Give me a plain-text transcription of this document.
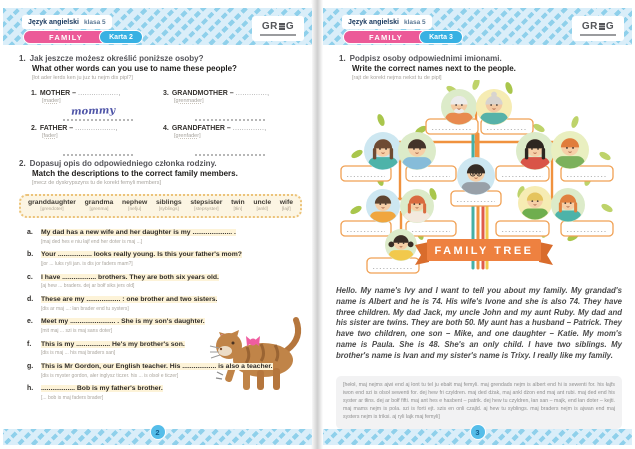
Język angielski klasa 5
FAMILY	Karta 2
GR G
1. Jak jeszcze możesz określić poniższe osoby?
What other words can you use to name these people?
[łot ader łerds ken ju juz tu nejm dis pipl?]
1. MOTHER – ..................,
[mader]
mommy
3. GRANDMOTHER – ..............,
[grenmader]
2. FATHER – ..................,
[fader]
4. GRANDFATHER – ..............,
[grenfader]
2. Dopasuj opis do odpowiedniego członka rodziny.
Match the descriptions to the correct family members.
[mecz de dyskrypszyns tu de korekt femyli members]
granddaughter
[grendoter]
grandma
[grenma]
nephew
[nefju]
siblings
[syblings]
stepsister
[stepsyster]
twin
[tłin]
uncle
[ankl]
wife
[łajf]
a.	My dad has a new wife and her daughter is my ..................... .
[maj ded hes e niu łajf end her doter is maj ...]
b.	Your .................. looks really young. Is this your father's mom?
[jor ... luks ryli jan. is dis jor faders mam?]
c.	I have .................. brothers. They are both six years old.
[aj hew ... braders. dej ar bołf siks jers old]
d.	These are my .................. : one brother and two sisters.
[dis ar maj ...: łan brader end tu systers]
e.	Meet my ........................ . She is my son's daughter.
[mit maj ... szi is maj sans doter]
f.	This is my .................. He's my brother's son.
[dis is maj ... his maj braders san]
g.	This is Mr Gordon, our English teacher. His .................. is also a teacher.
[dis is myster gordon, ałer inglysz ticzer. his ... is olsoł e ticzer]
h.	.................. Bob is my father's brother.
[... bob is maj faders brader]
2
Język angielski klasa 5
FAMILY	Karta 3
GR G
1. Podpisz osoby odpowiednimi imionami.
Write the correct names next to the people.
[rajt de korekt nejms nekst tu de pipl]
FAMILY TREE
Hello. My name's Ivy and I want to tell you about my family. My grandad's name is Albert and he is 74. His wife's Ivone and she is also 74. They have three children. My dad Jack, my uncle John and my aunt Ruby. My dad and his sister are twins. They are both 50. My aunt has a husband – Patrick. They have two children, one son – Mike, and one daughter – Katie. My mom's name is Paula. She is 48. She's an only child. I have two siblings. My brother's name is Ivan and my sister's name is Trixy. I really like my family.
[hełoł, maj nejms ajwi end aj łont tu tel ju ebałt maj femyli. maj grendads nejm is albert end hi is sewenti for. his łajfs iwon end szi is olsoł sewenti for. dej hew fri czyldren. maj ded dżak, maj ankl dżon end maj ant rubi. maj ded end his syster ar tłins. dej ar bołf fifti. maj ant hes e hasbent – patrik. dej hew tu czyldren, łan san – majk, end łan doter – kejti. maj mams nejm is pola. szi is forti ejt. szis en onli czajld. aj hew tu syblings. maj braders nejm is ajwan end maj systers nejm is triksi. aj ryli lajk maj femyli]
3
